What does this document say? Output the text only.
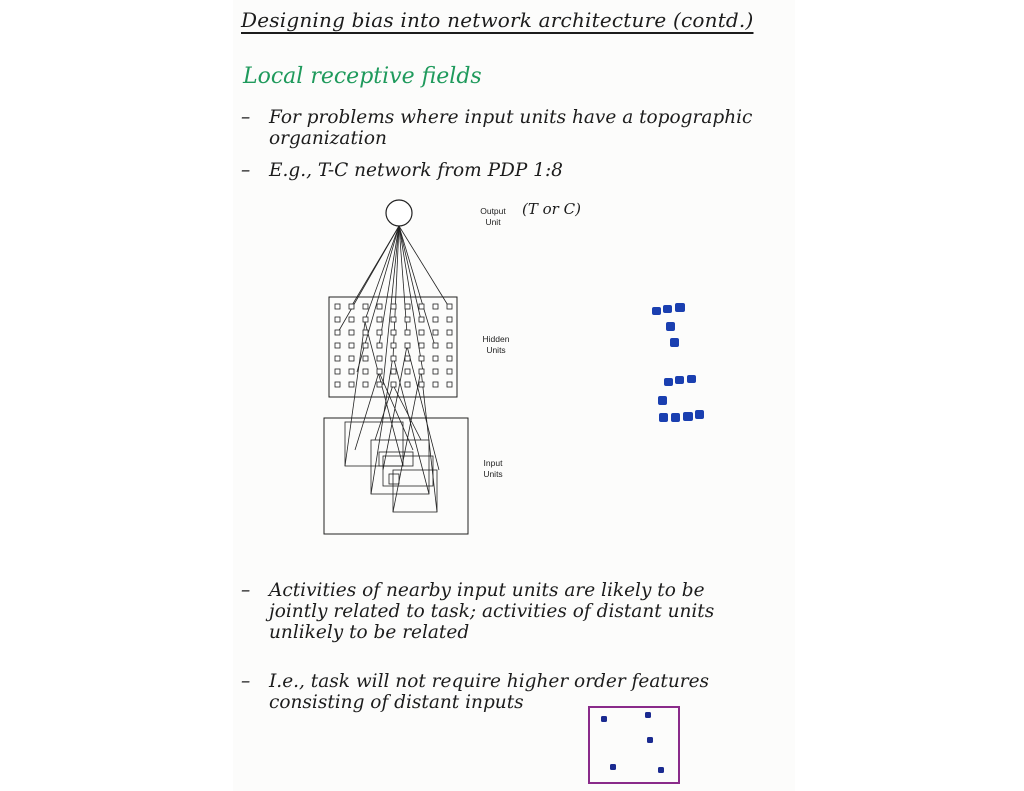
Designing bias into network architecture (contd.)
Local receptive fields
– For problems where input units have a topographic
organization
– E.g., T-C network from PDP 1:8
Output
Unit
(T or C)
Hidden
Units
Input
Units
– Activities of nearby input units are likely to be
jointly related to task; activities of distant units
unlikely to be related
– I.e., task will not require higher order features
consisting of distant inputs
